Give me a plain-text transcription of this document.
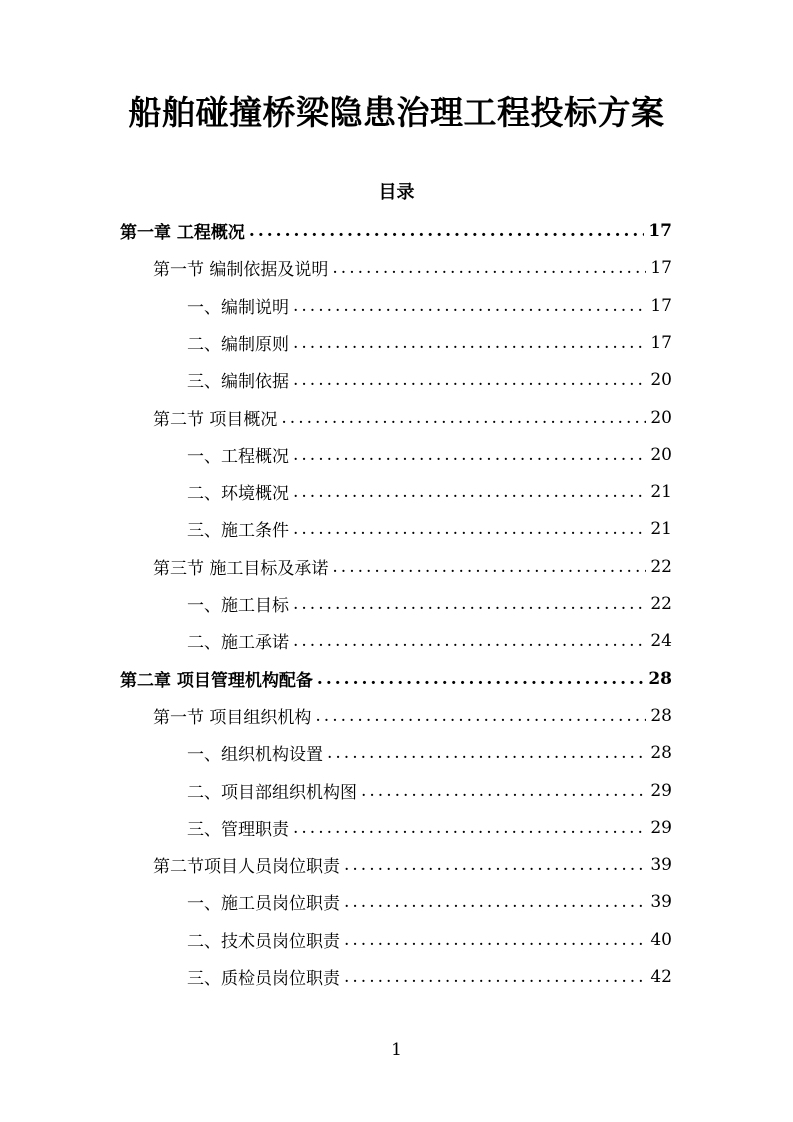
船舶碰撞桥梁隐患治理工程投标方案
目录
第一章 工程概况 .....	17
第一节 编制依据及说明 .....	17
一、编制说明 .....	17
二、编制原则 .....	17
三、编制依据 .....	20
第二节 项目概况 .....	20
一、工程概况 .....	20
二、环境概况 .....	21
三、施工条件 .....	21
第三节 施工目标及承诺 .....	22
一、施工目标 .....	22
二、施工承诺 .....	24
第二章 项目管理机构配备 .....	28
第一节 项目组织机构 .....	28
一、组织机构设置 .....	28
二、项目部组织机构图 .....	29
三、管理职责 .....	29
第二节项目人员岗位职责 .....	39
一、施工员岗位职责 .....	39
二、技术员岗位职责 .....	40
三、质检员岗位职责 .....	42
1
